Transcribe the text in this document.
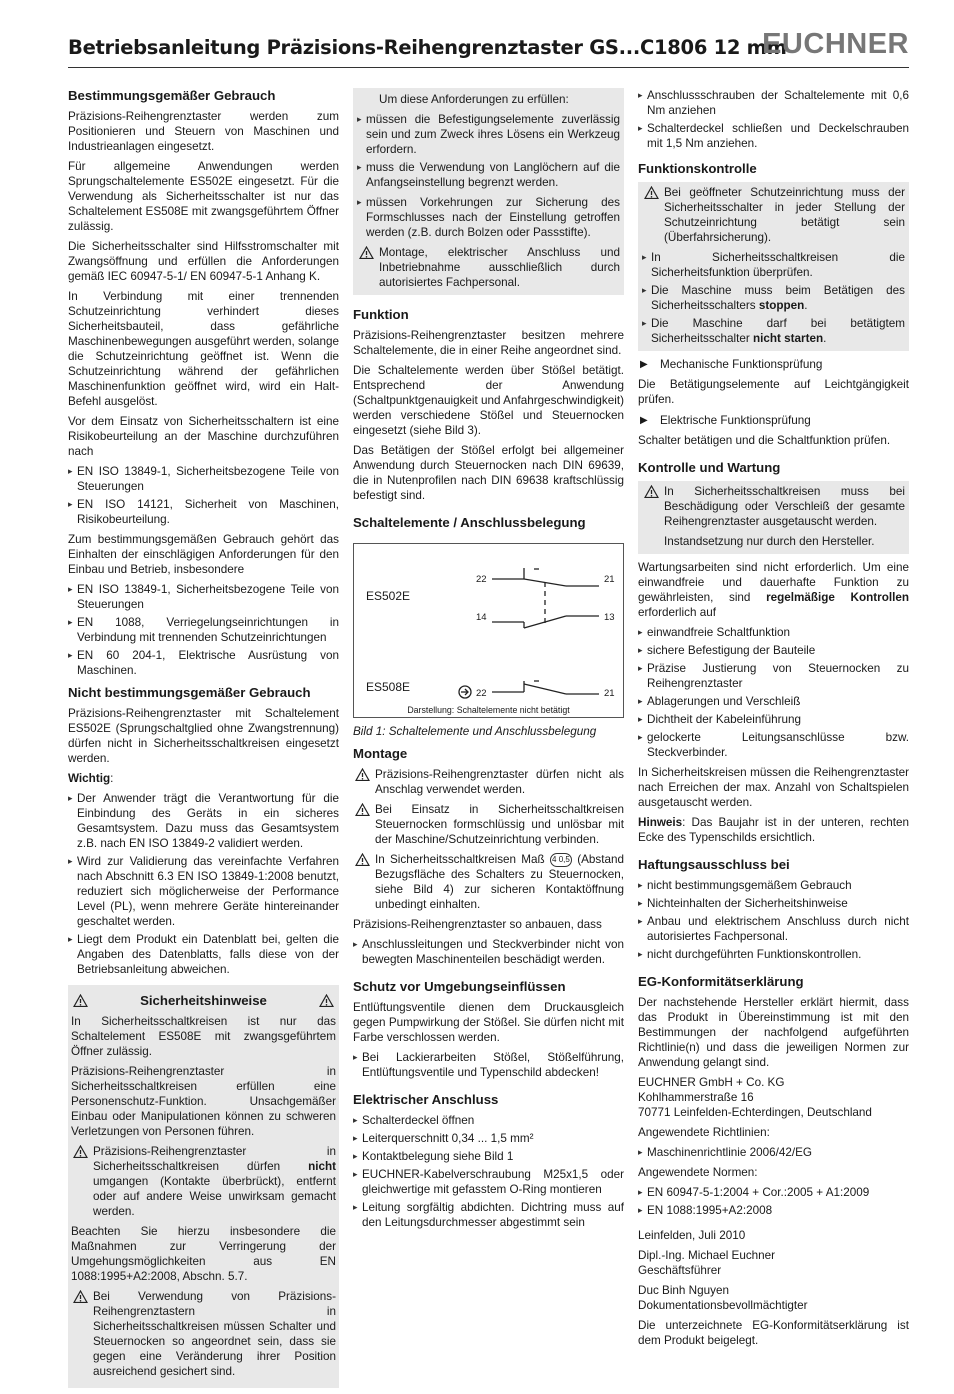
Betriebsanleitung Präzisions-Reihengrenztaster GS...C1806 12 mm
EUCHNER
Bestimmungsgemäßer Gebrauch

Präzisions-Reihengrenztaster werden zum Positionieren und Steuern von Maschinen und Industrieanlagen eingesetzt.

Für allgemeine Anwendungen werden Sprungschaltelemente ES502E eingesetzt. Für die Verwendung als Sicherheitsschalter ist nur das Schaltelement ES508E mit zwangsgeführtem Öffner zulässig.

Die Sicherheitsschalter sind Hilfsstromschalter mit Zwangsöffnung und erfüllen die Anforderungen gemäß IEC 60947-5-1/ EN 60947-5-1 Anhang K.

In Verbindung mit einer trennenden Schutzeinrichtung verhindert dieses Sicherheitsbauteil, dass gefährliche Maschinenbewegungen ausgeführt werden, solange die Schutzeinrichtung geöffnet ist. Wenn die Schutzeinrichtung während der gefährlichen Maschinenfunktion geöffnet wird, wird ein Halt-Befehl ausgelöst.

Vor dem Einsatz von Sicherheitsschaltern ist eine Risikobeurteilung an der Maschine durchzuführen nach

▸ EN ISO 13849-1, Sicherheitsbezogene Teile von Steuerungen
▸ EN ISO 14121, Sicherheit von Maschinen, Risikobeurteilung.

Zum bestimmungsgemäßen Gebrauch gehört das Einhalten der einschlägigen Anforderungen für den Einbau und Betrieb, insbesondere

▸ EN ISO 13849-1, Sicherheitsbezogene Teile von Steuerungen
▸ EN 1088, Verriegelungseinrichtungen in Verbindung mit trennenden Schutzeinrichtungen
▸ EN 60 204-1, Elektrische Ausrüstung von Maschinen.
Nicht bestimmungsgemäßer Gebrauch

Präzisions-Reihengrenztaster mit Schaltelement ES502E (Sprungschaltglied ohne Zwangstrennung) dürfen nicht in Sicherheitsschaltkreisen eingesetzt werden.

Wichtig:

▸ Der Anwender trägt die Verantwortung für die Einbindung des Geräts in ein sicheres Gesamtsystem. Dazu muss das Gesamtsystem z.B. nach EN ISO 13849-2 validiert werden.
▸ Wird zur Validierung das vereinfachte Verfahren nach Abschnitt 6.3 EN ISO 13849-1:2008 benutzt, reduziert sich möglicherweise der Performance Level (PL), wenn mehrere Geräte hintereinander geschaltet werden.
▸ Liegt dem Produkt ein Datenblatt bei, gelten die Angaben des Datenblatts, falls diese von der Betriebsanleitung abweichen.
Sicherheitshinweise

In Sicherheitsschaltkreisen ist nur das Schaltelement ES508E mit zwangsgeführtem Öffner zulässig.

Präzisions-Reihengrenztaster in Sicherheitsschaltkreisen erfüllen eine Personenschutz-Funktion. Unsachgemäßer Einbau oder Manipulationen können zu schweren Verletzungen von Personen führen.

Präzisions-Reihengrenztaster in Sicherheitsschaltkreisen dürfen nicht umgangen (Kontakte überbrückt), entfernt oder auf andere Weise unwirksam gemacht werden.

Beachten Sie hierzu insbesondere die Maßnahmen zur Verringerung der Umgehungsmöglichkeiten aus EN 1088:1995+A2:2008, Abschn. 5.7.

Bei Verwendung von Präzisions-Reihengrenztastern in Sicherheitsschaltkreisen müssen Schalter und Steuernocken so angeordnet sein, dass sie gegen eine Veränderung ihrer Position ausreichend gesichert sind.
Um diese Anforderungen zu erfüllen:
▸ müssen die Befestigungselemente zuverlässig sein und zum Zweck ihres Lösens ein Werkzeug erfordern.
▸ muss die Verwendung von Langlöchern auf die Anfangseinstellung begrenzt werden.
▸ müssen Vorkehrungen zur Sicherung des Formschlusses nach der Einstellung getroffen werden (z.B. durch Bolzen oder Passstifte).
Montage, elektrischer Anschluss und Inbetriebnahme ausschließlich durch autorisiertes Fachpersonal.
Funktion

Präzisions-Reihengrenztaster besitzen mehrere Schaltelemente, die in einer Reihe angeordnet sind.

Die Schaltelemente werden über Stößel betätigt. Entsprechend der Anwendung (Schaltpunktgenauigkeit und Anfahrgeschwindigkeit) werden verschiedene Stößel und Steuernocken eingesetzt (siehe Bild 3).

Das Betätigen der Stößel erfolgt bei allgemeiner Anwendung durch Steuernocken nach DIN 69639, die in Nutenprofilen nach DIN 69638 kraftschlüssig befestigt sind.

Schaltelemente / Anschlussbelegung
ES502E
ES508E
22	21
14	13
22	21
Darstellung: Schaltelemente nicht betätigt

Bild 1: Schaltelemente und Anschlussbelegung

Montage
Präzisions-Reihengrenztaster dürfen nicht als Anschlag verwendet werden.
Bei Einsatz in Sicherheitsschaltkreisen Steuernocken formschlüssig und unlösbar mit der Maschine/Schutzeinrichtung verbinden.
In Sicherheitsschaltkreisen Maß 4 0,5 (Abstand Bezugsfläche des Schalters zu Steuernocken, siehe Bild 4) zur sicheren Kontaktöffnung unbedingt einhalten.

Präzisions-Reihengrenztaster so anbauen, dass

▸ Anschlussleitungen und Steckverbinder nicht von bewegten Maschinenteilen beschädigt werden.
Schutz vor Umgebungseinflüssen

Entlüftungsventile dienen dem Druckausgleich gegen Pumpwirkung der Stößel. Sie dürfen nicht mit Farbe verschlossen werden.

▸ Bei Lackierarbeiten Stößel, Stößelführung, Entlüftungsventile und Typenschild abdecken!
Elektrischer Anschluss
▸ Schalterdeckel öffnen
▸ Leiterquerschnitt 0,34 ... 1,5 mm²
▸ Kontaktbelegung siehe Bild 1
▸ EUCHNER-Kabelverschraubung M25x1,5 oder gleichwertige mit gefasstem O-Ring montieren
▸ Leitung sorgfältig abdichten. Dichtring muss auf den Leitungsdurchmesser abgestimmt sein
▸ Anschlussschrauben der Schaltelemente mit 0,6 Nm anziehen
▸ Schalterdeckel schließen und Deckelschrauben mit 1,5 Nm anziehen.
Funktionskontrolle
Bei geöffneter Schutzeinrichtung muss der Sicherheitsschalter in jeder Stellung der Schutzeinrichtung betätigt sein (Überfahrsicherung).
▸ In Sicherheitsschaltkreisen die Sicherheitsfunktion überprüfen.
▸ Die Maschine muss beim Betätigen des Sicherheitsschalters stoppen.
▸ Die Maschine darf bei betätigtem Sicherheitsschalter nicht starten.
▶ Mechanische Funktionsprüfung

Die Betätigungselemente auf Leichtgängigkeit prüfen.

▶ Elektrische Funktionsprüfung

Schalter betätigen und die Schaltfunktion prüfen.

Kontrolle und Wartung
In Sicherheitsschaltkreisen muss bei Beschädigung oder Verschleiß der gesamte Reihengrenztaster ausgetauscht werden.
Instandsetzung nur durch den Hersteller.

Wartungsarbeiten sind nicht erforderlich. Um eine einwandfreie und dauerhafte Funktion zu gewährleisten, sind regelmäßige Kontrollen erforderlich auf

▸ einwandfreie Schaltfunktion
▸ sichere Befestigung der Bauteile
▸ Präzise Justierung von Steuernocken zu Reihengrenztaster
▸ Ablagerungen und Verschleiß
▸ Dichtheit der Kabeleinführung
▸ gelockerte Leitungsanschlüsse bzw. Steckverbinder.

In Sicherheitskreisen müssen die Reihengrenztaster nach Erreichen der max. Anzahl von Schaltspielen ausgetauscht werden.

Hinweis: Das Baujahr ist in der unteren, rechten Ecke des Typenschilds ersichtlich.

Haftungsausschluss bei
▸ nicht bestimmungsgemäßem Gebrauch
▸ Nichteinhalten der Sicherheitshinweise
▸ Anbau und elektrischem Anschluss durch nicht autorisiertes Fachpersonal.
▸ nicht durchgeführten Funktionskontrollen.
EG-Konformitätserklärung

Der nachstehende Hersteller erklärt hiermit, dass das Produkt in Übereinstimmung ist mit den Bestimmungen der nachfolgend aufgeführten Richtlinie(n) und dass die jeweiligen Normen zur Anwendung gelangt sind.

EUCHNER GmbH + Co. KG
Kohlhammerstraße 16
70771 Leinfelden-Echterdingen, Deutschland

Angewendete Richtlinien:

▸ Maschinenrichtlinie 2006/42/EG

Angewendete Normen:

▸ EN 60947-5-1:2004 + Cor.:2005 + A1:2009
▸ EN 1088:1995+A2:2008

Leinfelden, Juli 2010

Dipl.-Ing. Michael Euchner
Geschäftsführer

Duc Binh Nguyen
Dokumentationsbevollmächtigter

Die unterzeichnete EG-Konformitätserklärung ist dem Produkt beigelegt.
